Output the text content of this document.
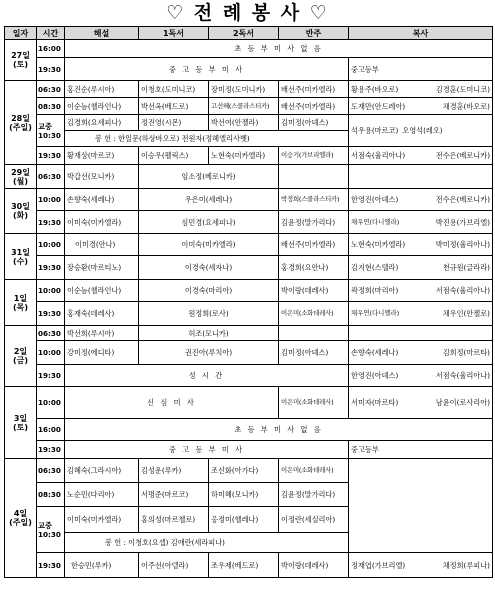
♡ 전 례 봉 사 ♡
일자	시간	해설	1독서	2독서	반주	복사

27일
(토)	16:00	초 등 부 미 사 없 음				
	19:30	중 고 등 부 미 사				중고등부

28일
(주일)	06:30	홍진순(루시아)	이청호(도미니코)	장미정(도미니카)	배선주(미카엘라)	황용주(바오로) 김경훈(도미니코)

	08:30	이순늠(첼라인나)	박선옥(베드로)	고선혜(스콜라스티카)	배선주(미카엘라)	도재만(안드레아) 채경훈(바오로)

	교중
10:30	김경희(요세피나)	정진영(시몬)	박선여(안젤라)	김미정(아녜스)	석우용(마르코) 오영석(레오)

		봉 헌 : 한일문(하상바오로) 전원자(정혜엘리사벳)				
	19:30	황재상(마르코)	이승우(펠릭스)	노현숙(미카엘라)	이승기(가브리엘라)	서점숙(율리아나) 전수은(베로니카)

29일
(월)	06:30	박갑선(모니카)	임소정(베로니카)			

30일
(화)	10:00	손향숙(세레나)	우은미(세레나)		박정희(스콜라스티카)	한영진(아녜스) 전수은(베로니카)

	19:30	이미숙(미카엘라)	심민경(요세피나)		김윤정(말가리다)	채우연(다니엘라) 박진용(가브리엘)

31일
(수)	10:00	이미경(안나)	이미숙(미카엘라)		배선주(미카엘라)	노현숙(미카엘라) 박미정(율리아나)

	19:30	장승환(마르티노)	이경숙(세자나)		홍경희(요안나)	김지현(스텔라) 천규원(글라라)

1일
(목)	10:00	이순늠(첼라인나)	이경숙(마리아)		박이랑(데레사)	곽정희(마리아) 서점숙(율리아나)

	19:30	홍재숙(데레사)	원정희(로사)		이은미(소화데레사)	채우연(다니엘라) 채우인(안젤로)

2일
(금)	06:30	박선희(루시아)	허조(모니카)			
	10:00	강미정(에디타)	권진아(루치아)		김미정(아녜스)	손향숙(세레나) 김희정(마르타)

	19:30	성 시 간				한영진(아녜스) 서점숙(율리아나)

3일
(토)	10:00	신 심 미 사			이은미(소화데레사)	서미자(마르타) 남윤이(로사리아)

	16:00	초 등 부 미 사 없 음				
	19:30	중 고 등 부 미 사				중고등부

4일
(주일)	06:30	김혜숙(그라시아)	김성운(루카)	조신화(아가다)	이은미(소화데레사)	
	08:30	노순민(다리아)	서명준(마르코)	하미혜(모니카)	김윤정(말가리다)	

	교중
10:30	이미숙(미카엘라)	홍의성(마르첼로)	옹정미(헬레나)	이정란(세실리아)	
		봉 헌 : 이청호(요셉) 김애란(세라피나)				
	19:30	한승민(루카)	이주선(아델라)	조우제(베드로)	박이랑(데레사)	정재엽(가브리엘) 채정희(루피나)
